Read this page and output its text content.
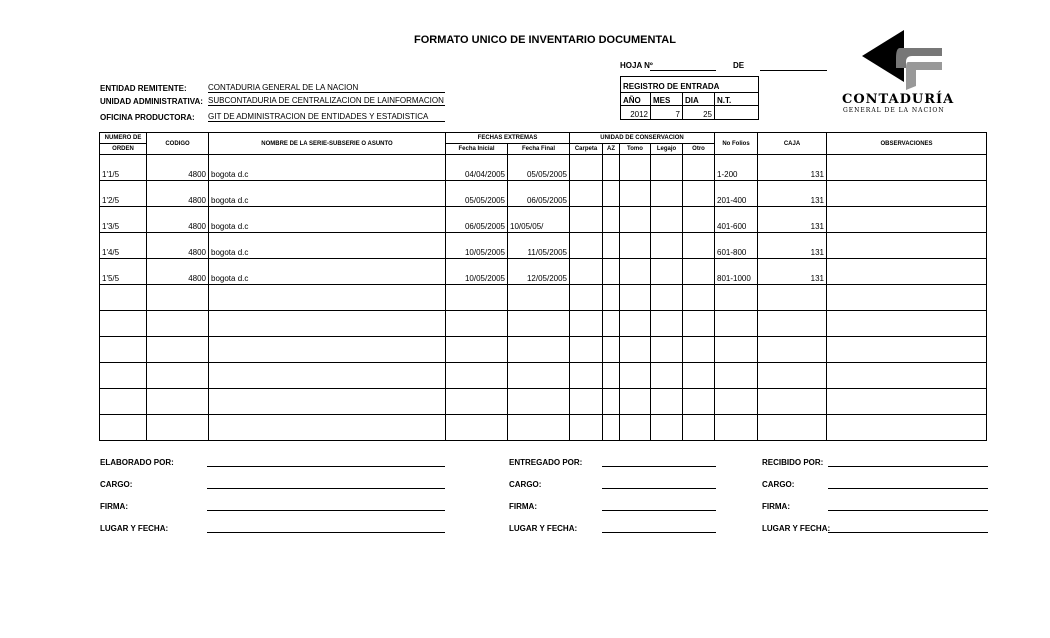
FORMATO UNICO DE INVENTARIO DOCUMENTAL
HOJA Nº	DE
CONTADURÍA
GENERAL DE LA NACION
ENTIDAD REMITENTE:	CONTADURIA GENERAL DE LA NACION
UNIDAD ADMINISTRATIVA: SUBCONTADURIA DE CENTRALIZACION DE LAINFORMACION
OFICINA PRODUCTORA: GIT DE ADMINISTRACION DE ENTIDADES Y ESTADISTICA
REGISTRO DE ENTRADA
AÑO MES DIA N.T.
2012	7	25
NUMERO DE	CODIGO	NOMBRE DE LA SERIE-SUBSERIE O ASUNTO	FECHAS EXTREMAS		UNIDAD DE CONSERVACION					No Folios	CAJA	OBSERVACIONES
ORDEN			Fecha Inicial	Fecha Final	Carpeta	AZ	Tomo	Legajo	Otro			
1'1/5	4800	bogota d.c	04/04/2005	05/05/2005						1-200	131	
1'2/5	4800	bogota d.c	05/05/2005	06/05/2005						201-400	131	
1'3/5	4800	bogota d.c	06/05/2005	10/05/05/						401-600	131	
1'4/5	4800	bogota d.c	10/05/2005	11/05/2005						601-800	131	
1'5/5	4800	bogota d.c	10/05/2005	12/05/2005						801-1000	131	

ELABORADO POR:	ENTREGADO POR:	RECIBIDO POR:
CARGO:	CARGO:	CARGO:
FIRMA:	FIRMA:	FIRMA:
LUGAR Y FECHA:	LUGAR Y FECHA:	LUGAR Y FECHA:
